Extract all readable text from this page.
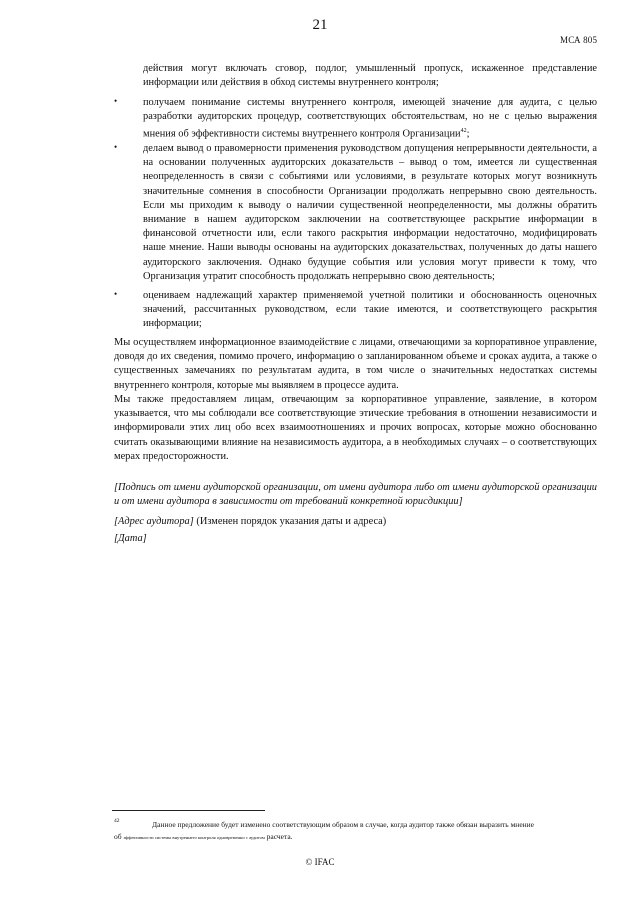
21
МСА 805
действия могут включать сговор, подлог, умышленный пропуск, искаженное представление информации или действия в обход системы внутреннего контроля;
• получаем понимание системы внутреннего контроля, имеющей значение для аудита, с целью разработки аудиторских процедур, соответствующих обстоятельствам, но не с целью выражения мнения об эффективности системы внутреннего контроля Организации$^{42}$;
• делаем вывод о правомерности применения руководством допущения непрерывности деятельности, а на основании полученных аудиторских доказательств – вывод о том, имеется ли существенная неопределенность в связи с событиями или условиями, в результате которых могут возникнуть значительные сомнения в способности Организации продолжать непрерывно свою деятельность. Если мы приходим к выводу о наличии существенной неопределенности, мы должны обратить внимание в нашем аудиторском заключении на соответствующее раскрытие информации в финансовой отчетности или, если такого раскрытия информации недостаточно, модифицировать наше мнение. Наши выводы основаны на аудиторских доказательствах, полученных до даты нашего аудиторского заключения. Однако будущие события или условия могут привести к тому, что Организация утратит способность продолжать непрерывно свою деятельность;
• оцениваем надлежащий характер применяемой учетной политики и обоснованность оценочных значений, рассчитанных руководством, если такие имеются, и соответствующего раскрытия информации;
Мы осуществляем информационное взаимодействие с лицами, отвечающими за корпоративное управление, доводя до их сведения, помимо прочего, информацию о запланированном объеме и сроках аудита, а также о существенных замечаниях по результатам аудита, в том числе о значительных недостатках системы внутреннего контроля, которые мы выявляем в процессе аудита.
Мы также предоставляем лицам, отвечающим за корпоративное управление, заявление, в котором указывается, что мы соблюдали все соответствующие этические требования в отношении независимости и информировали этих лиц обо всех взаимоотношениях и прочих вопросах, которые можно обоснованно считать оказывающими влияние на независимость аудитора, а в необходимых случаях – о соответствующих мерах предосторожности.
[Подпись от имени аудиторской организации, от имени аудитора либо от имени аудиторской организации и от имени аудитора в зависимости от требований конкретной юрисдикции]
[Адрес аудитора] (Изменен порядок указания даты и адреса)
[Дата]
42	Данное предложение будет изменено соответствующим образом в случае, когда аудитор также обязан выразить мнение
об эффективности системы внутреннего контроля одновременно с аудитом расчета.
© IFAC
